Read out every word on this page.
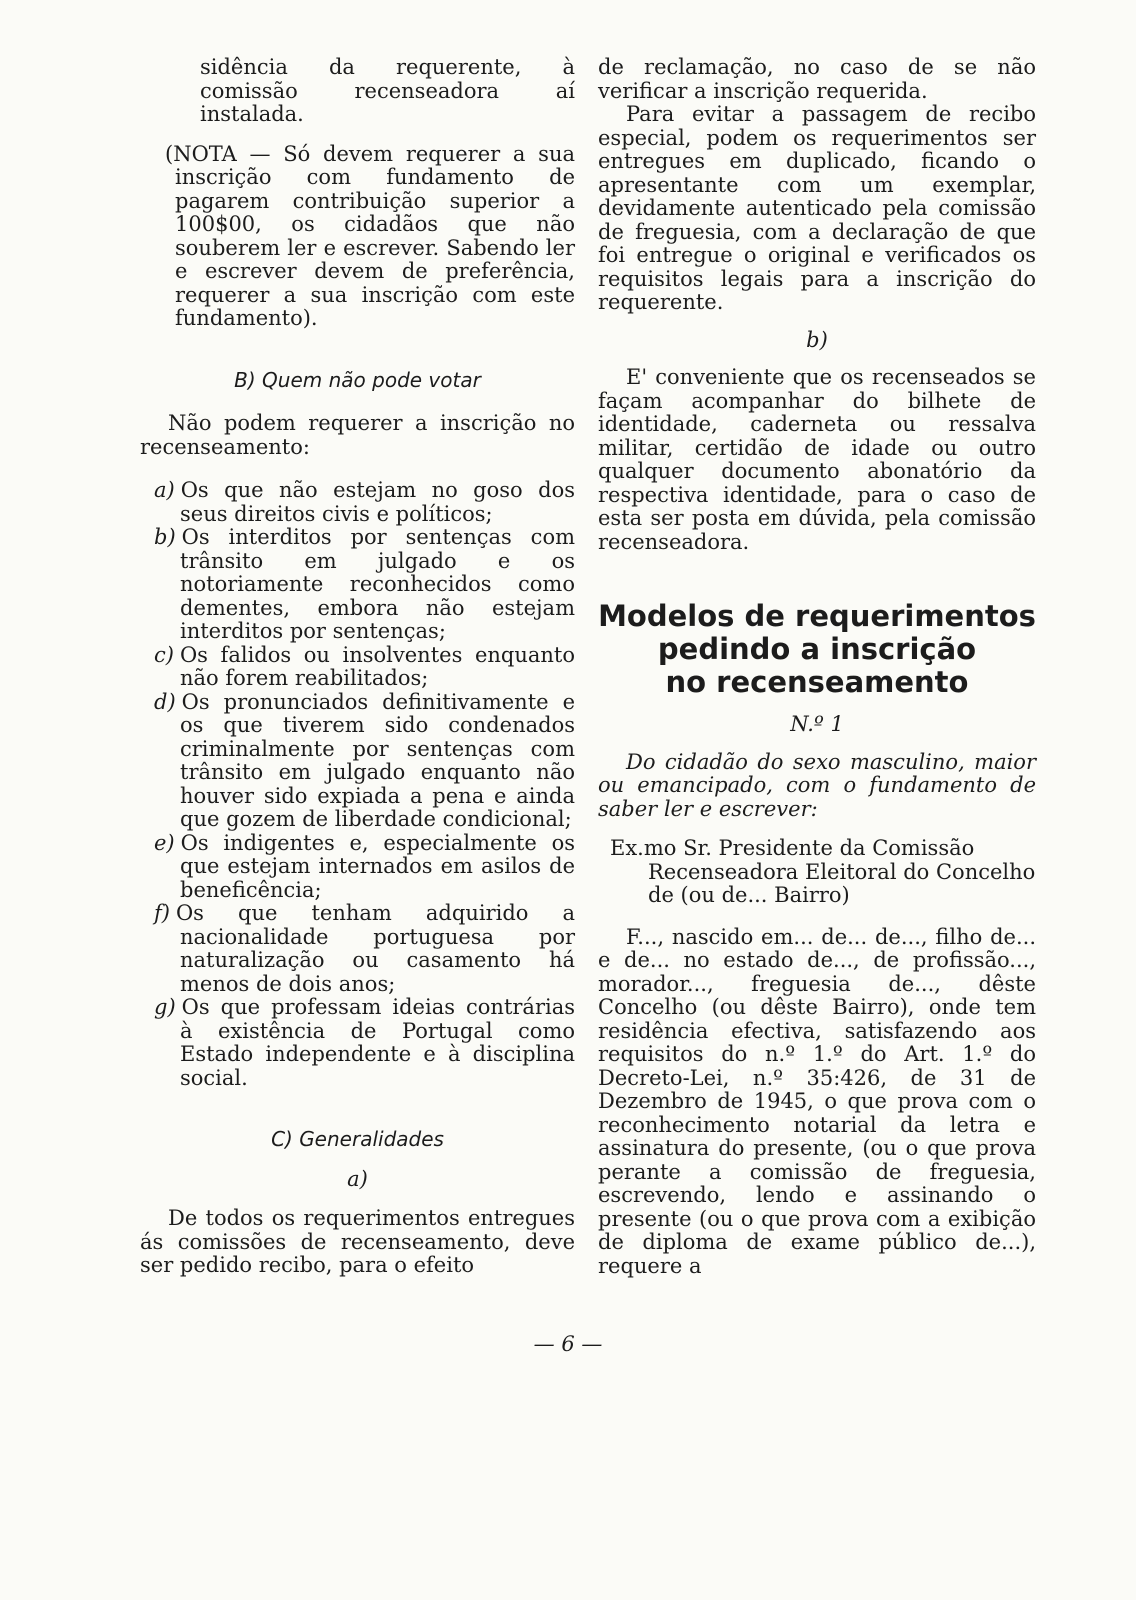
sidência da requerente, à comissão recenseadora aí instalada.

(NOTA — Só devem requerer a sua inscrição com fundamento de pagarem contribuição superior a 100$00, os cidadãos que não souberem ler e escrever. Sabendo ler e escrever devem de preferência, requerer a sua inscrição com este fundamento).

B) Quem não pode votar

Não podem requerer a inscrição no recenseamento:

a) Os que não estejam no goso dos seus direitos civis e políticos;
b) Os interditos por sentenças com trânsito em julgado e os notoriamente reconhecidos como dementes, embora não estejam interditos por sentenças;
c) Os falidos ou insolventes enquanto não forem reabilitados;
d) Os pronunciados definitivamente e os que tiverem sido condenados criminalmente por sentenças com trânsito em julgado enquanto não houver sido expiada a pena e ainda que gozem de liberdade condicional;
e) Os indigentes e, especialmente os que estejam internados em asilos de beneficência;
f) Os que tenham adquirido a nacionalidade portuguesa por naturalização ou casamento há menos de dois anos;
g) Os que professam ideias contrárias à existência de Portugal como Estado independente e à disciplina social.
C) Generalidades
a)

De todos os requerimentos entregues ás comissões de recenseamento, deve ser pedido recibo, para o efeito

de reclamação, no caso de se não verificar a inscrição requerida.

Para evitar a passagem de recibo especial, podem os requerimentos ser entregues em duplicado, ficando o apresentante com um exemplar, devidamente autenticado pela comissão de freguesia, com a declaração de que foi entregue o original e verificados os requisitos legais para a inscrição do requerente.

b)

E' conveniente que os recenseados se façam acompanhar do bilhete de identidade, caderneta ou ressalva militar, certidão de idade ou outro qualquer documento abonatório da respectiva identidade, para o caso de esta ser posta em dúvida, pela comissão recenseadora.

Modelos de requerimentos
pedindo a inscrição
no recenseamento
N.º 1

Do cidadão do sexo masculino, maior ou emancipado, com o fundamento de saber ler e escrever:

Ex.mo Sr. Presidente da Comissão Recenseadora Eleitoral do Concelho de (ou de... Bairro)

F..., nascido em... de... de..., filho de... e de... no estado de..., de profissão..., morador..., freguesia de..., dêste Concelho (ou dêste Bairro), onde tem residência efectiva, satisfazendo aos requisitos do n.º 1.º do Art. 1.º do Decreto-Lei, n.º 35:426, de 31 de Dezembro de 1945, o que prova com o reconhecimento notarial da letra e assinatura do presente, (ou o que prova perante a comissão de freguesia, escrevendo, lendo e assinando o presente (ou o que prova com a exibição de diploma de exame público de...), requere a

— 6 —
